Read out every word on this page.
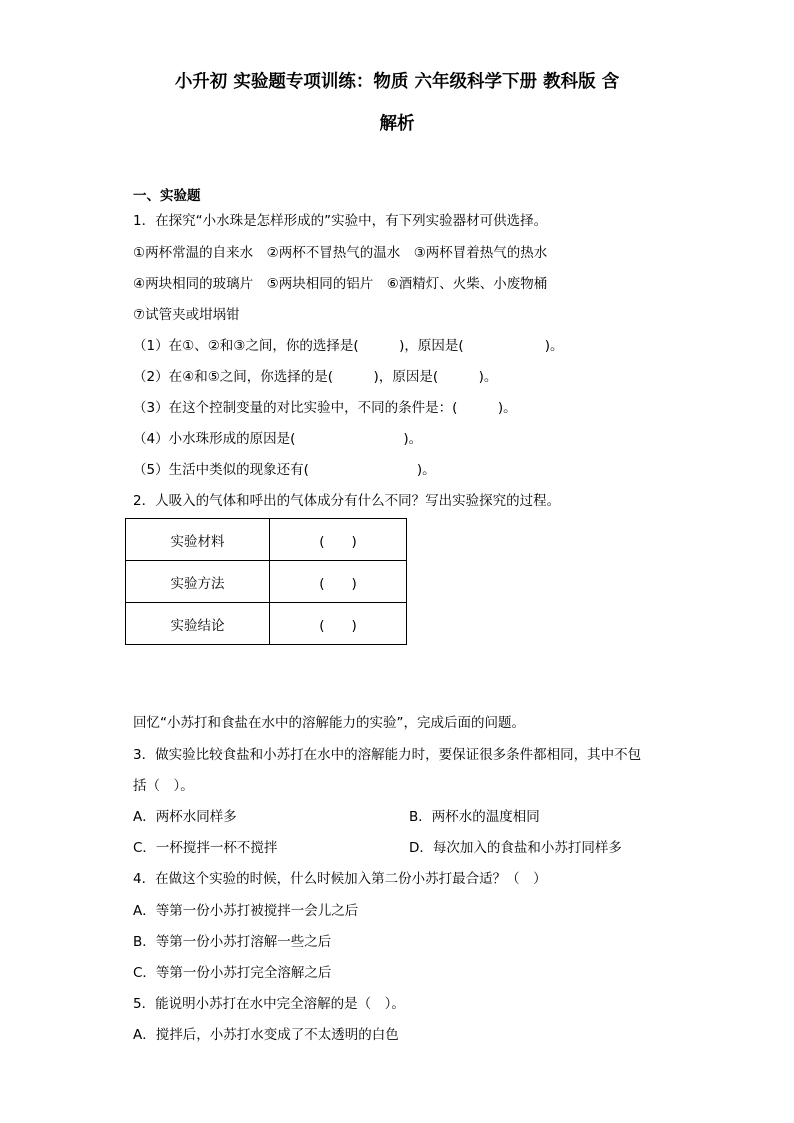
小升初 实验题专项训练：物质 六年级科学下册 教科版 含
解析
一、实验题
1．在探究“小水珠是怎样形成的”实验中，有下列实验器材可供选择。
①两杯常温的自来水　②两杯不冒热气的温水　③两杯冒着热气的热水
④两块相同的玻璃片　⑤两块相同的铝片　⑥酒精灯、火柴、小废物桶
⑦试管夹或坩埚钳
（1）在①、②和③之间，你的选择是(　　　)，原因是(　　　　　　)。
（2）在④和⑤之间，你选择的是(　　　)，原因是(　　　)。
（3）在这个控制变量的对比实验中，不同的条件是：(　　　)。
（4）小水珠形成的原因是(　　　　　　　　)。
（5）生活中类似的现象还有(　　　　　　　　)。
2．人吸入的气体和呼出的气体成分有什么不同？写出实验探究的过程。
实验材料	(　　)
实验方法	(　　)
实验结论	(　　)
回忆“小苏打和食盐在水中的溶解能力的实验”，完成后面的问题。
3．做实验比较食盐和小苏打在水中的溶解能力时，要保证很多条件都相同，其中不包
括（　）。
A．两杯水同样多	B．两杯水的温度相同
C．一杯搅拌一杯不搅拌	D．每次加入的食盐和小苏打同样多
4．在做这个实验的时候，什么时候加入第二份小苏打最合适？（　）
A．等第一份小苏打被搅拌一会儿之后
B．等第一份小苏打溶解一些之后
C．等第一份小苏打完全溶解之后
5．能说明小苏打在水中完全溶解的是（　）。
A．搅拌后，小苏打水变成了不太透明的白色
